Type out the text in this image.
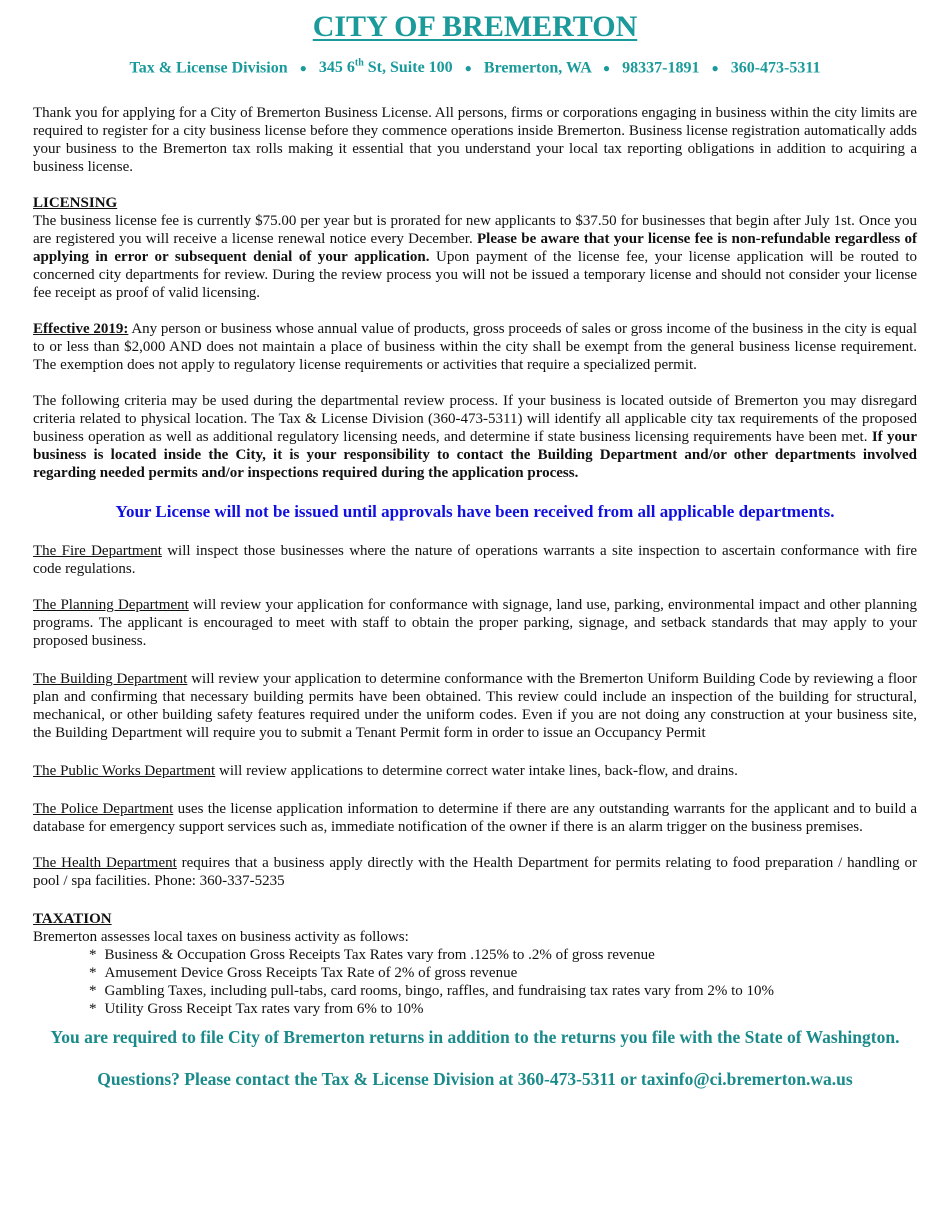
CITY OF BREMERTON
Tax & License Division ● 345 6th St, Suite 100 ● Bremerton, WA ● 98337-1891 ● 360-473-5311

Thank you for applying for a City of Bremerton Business License. All persons, firms or corporations engaging in business within the city limits are required to register for a city business license before they commence operations inside Bremerton. Business license registration automatically adds your business to the Bremerton tax rolls making it essential that you understand your local tax reporting obligations in addition to acquiring a business license.

LICENSING

The business license fee is currently $75.00 per year but is prorated for new applicants to $37.50 for businesses that begin after July 1st. Once you are registered you will receive a license renewal notice every December. Please be aware that your license fee is non-refundable regardless of applying in error or subsequent denial of your application. Upon payment of the license fee, your license application will be routed to concerned city departments for review. During the review process you will not be issued a temporary license and should not consider your license fee receipt as proof of valid licensing.

Effective 2019: Any person or business whose annual value of products, gross proceeds of sales or gross income of the business in the city is equal to or less than $2,000 AND does not maintain a place of business within the city shall be exempt from the general business license requirement. The exemption does not apply to regulatory license requirements or activities that require a specialized permit.

The following criteria may be used during the departmental review process. If your business is located outside of Bremerton you may disregard criteria related to physical location. The Tax & License Division (360-473-5311) will identify all applicable city tax requirements of the proposed business operation as well as additional regulatory licensing needs, and determine if state business licensing requirements have been met. If your business is located inside the City, it is your responsibility to contact the Building Department and/or other departments involved regarding needed permits and/or inspections required during the application process.

Your License will not be issued until approvals have been received from all applicable departments.

The Fire Department will inspect those businesses where the nature of operations warrants a site inspection to ascertain conformance with fire code regulations.

The Planning Department will review your application for conformance with signage, land use, parking, environmental impact and other planning programs. The applicant is encouraged to meet with staff to obtain the proper parking, signage, and setback standards that may apply to your proposed business.

The Building Department will review your application to determine conformance with the Bremerton Uniform Building Code by reviewing a floor plan and confirming that necessary building permits have been obtained. This review could include an inspection of the building for structural, mechanical, or other building safety features required under the uniform codes. Even if you are not doing any construction at your business site, the Building Department will require you to submit a Tenant Permit form in order to issue an Occupancy Permit

The Public Works Department will review applications to determine correct water intake lines, back-flow, and drains.

The Police Department uses the license application information to determine if there are any outstanding warrants for the applicant and to build a database for emergency support services such as, immediate notification of the owner if there is an alarm trigger on the business premises.

The Health Department requires that a business apply directly with the Health Department for permits relating to food preparation / handling or pool / spa facilities. Phone: 360-337-5235

TAXATION

Bremerton assesses local taxes on business activity as follows:

* Business & Occupation Gross Receipts Tax Rates vary from .125% to .2% of gross revenue
* Amusement Device Gross Receipts Tax Rate of 2% of gross revenue
* Gambling Taxes, including pull-tabs, card rooms, bingo, raffles, and fundraising tax rates vary from 2% to 10%
* Utility Gross Receipt Tax rates vary from 6% to 10%
You are required to file City of Bremerton returns in addition to the returns you file with the State of Washington.
Questions? Please contact the Tax & License Division at 360-473-5311 or taxinfo@ci.bremerton.wa.us
